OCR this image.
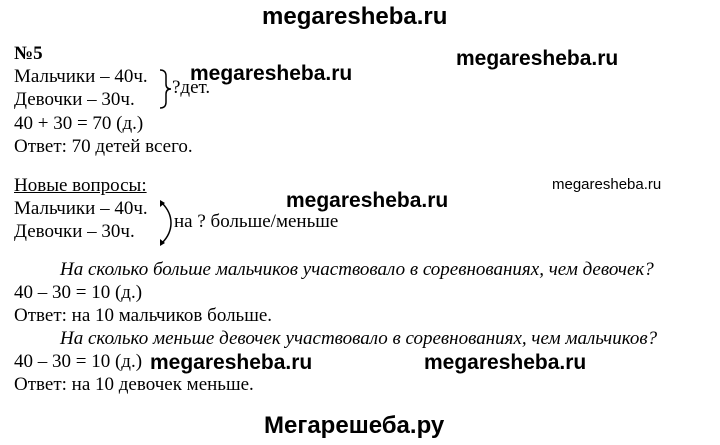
megaresheba.ru
megaresheba.ru
megaresheba.ru
megaresheba.ru
megaresheba.ru
megaresheba.ru	megaresheba.ru
Мегарешеба.ру
№5
Мальчики – 40ч.
Девочки – 30ч.
?дет.
40 + 30 = 70 (д.)
Ответ: 70 детей всего.
Новые вопросы:
Мальчики – 40ч.
Девочки – 30ч. на ? больше/меньше
На сколько больше мальчиков участвовало в соревнованиях, чем девочек?
40 – 30 = 10 (д.)
Ответ: на 10 мальчиков больше.
На сколько меньше девочек участвовало в соревнованиях, чем мальчиков?
40 – 30 = 10 (д.)
Ответ: на 10 девочек меньше.
